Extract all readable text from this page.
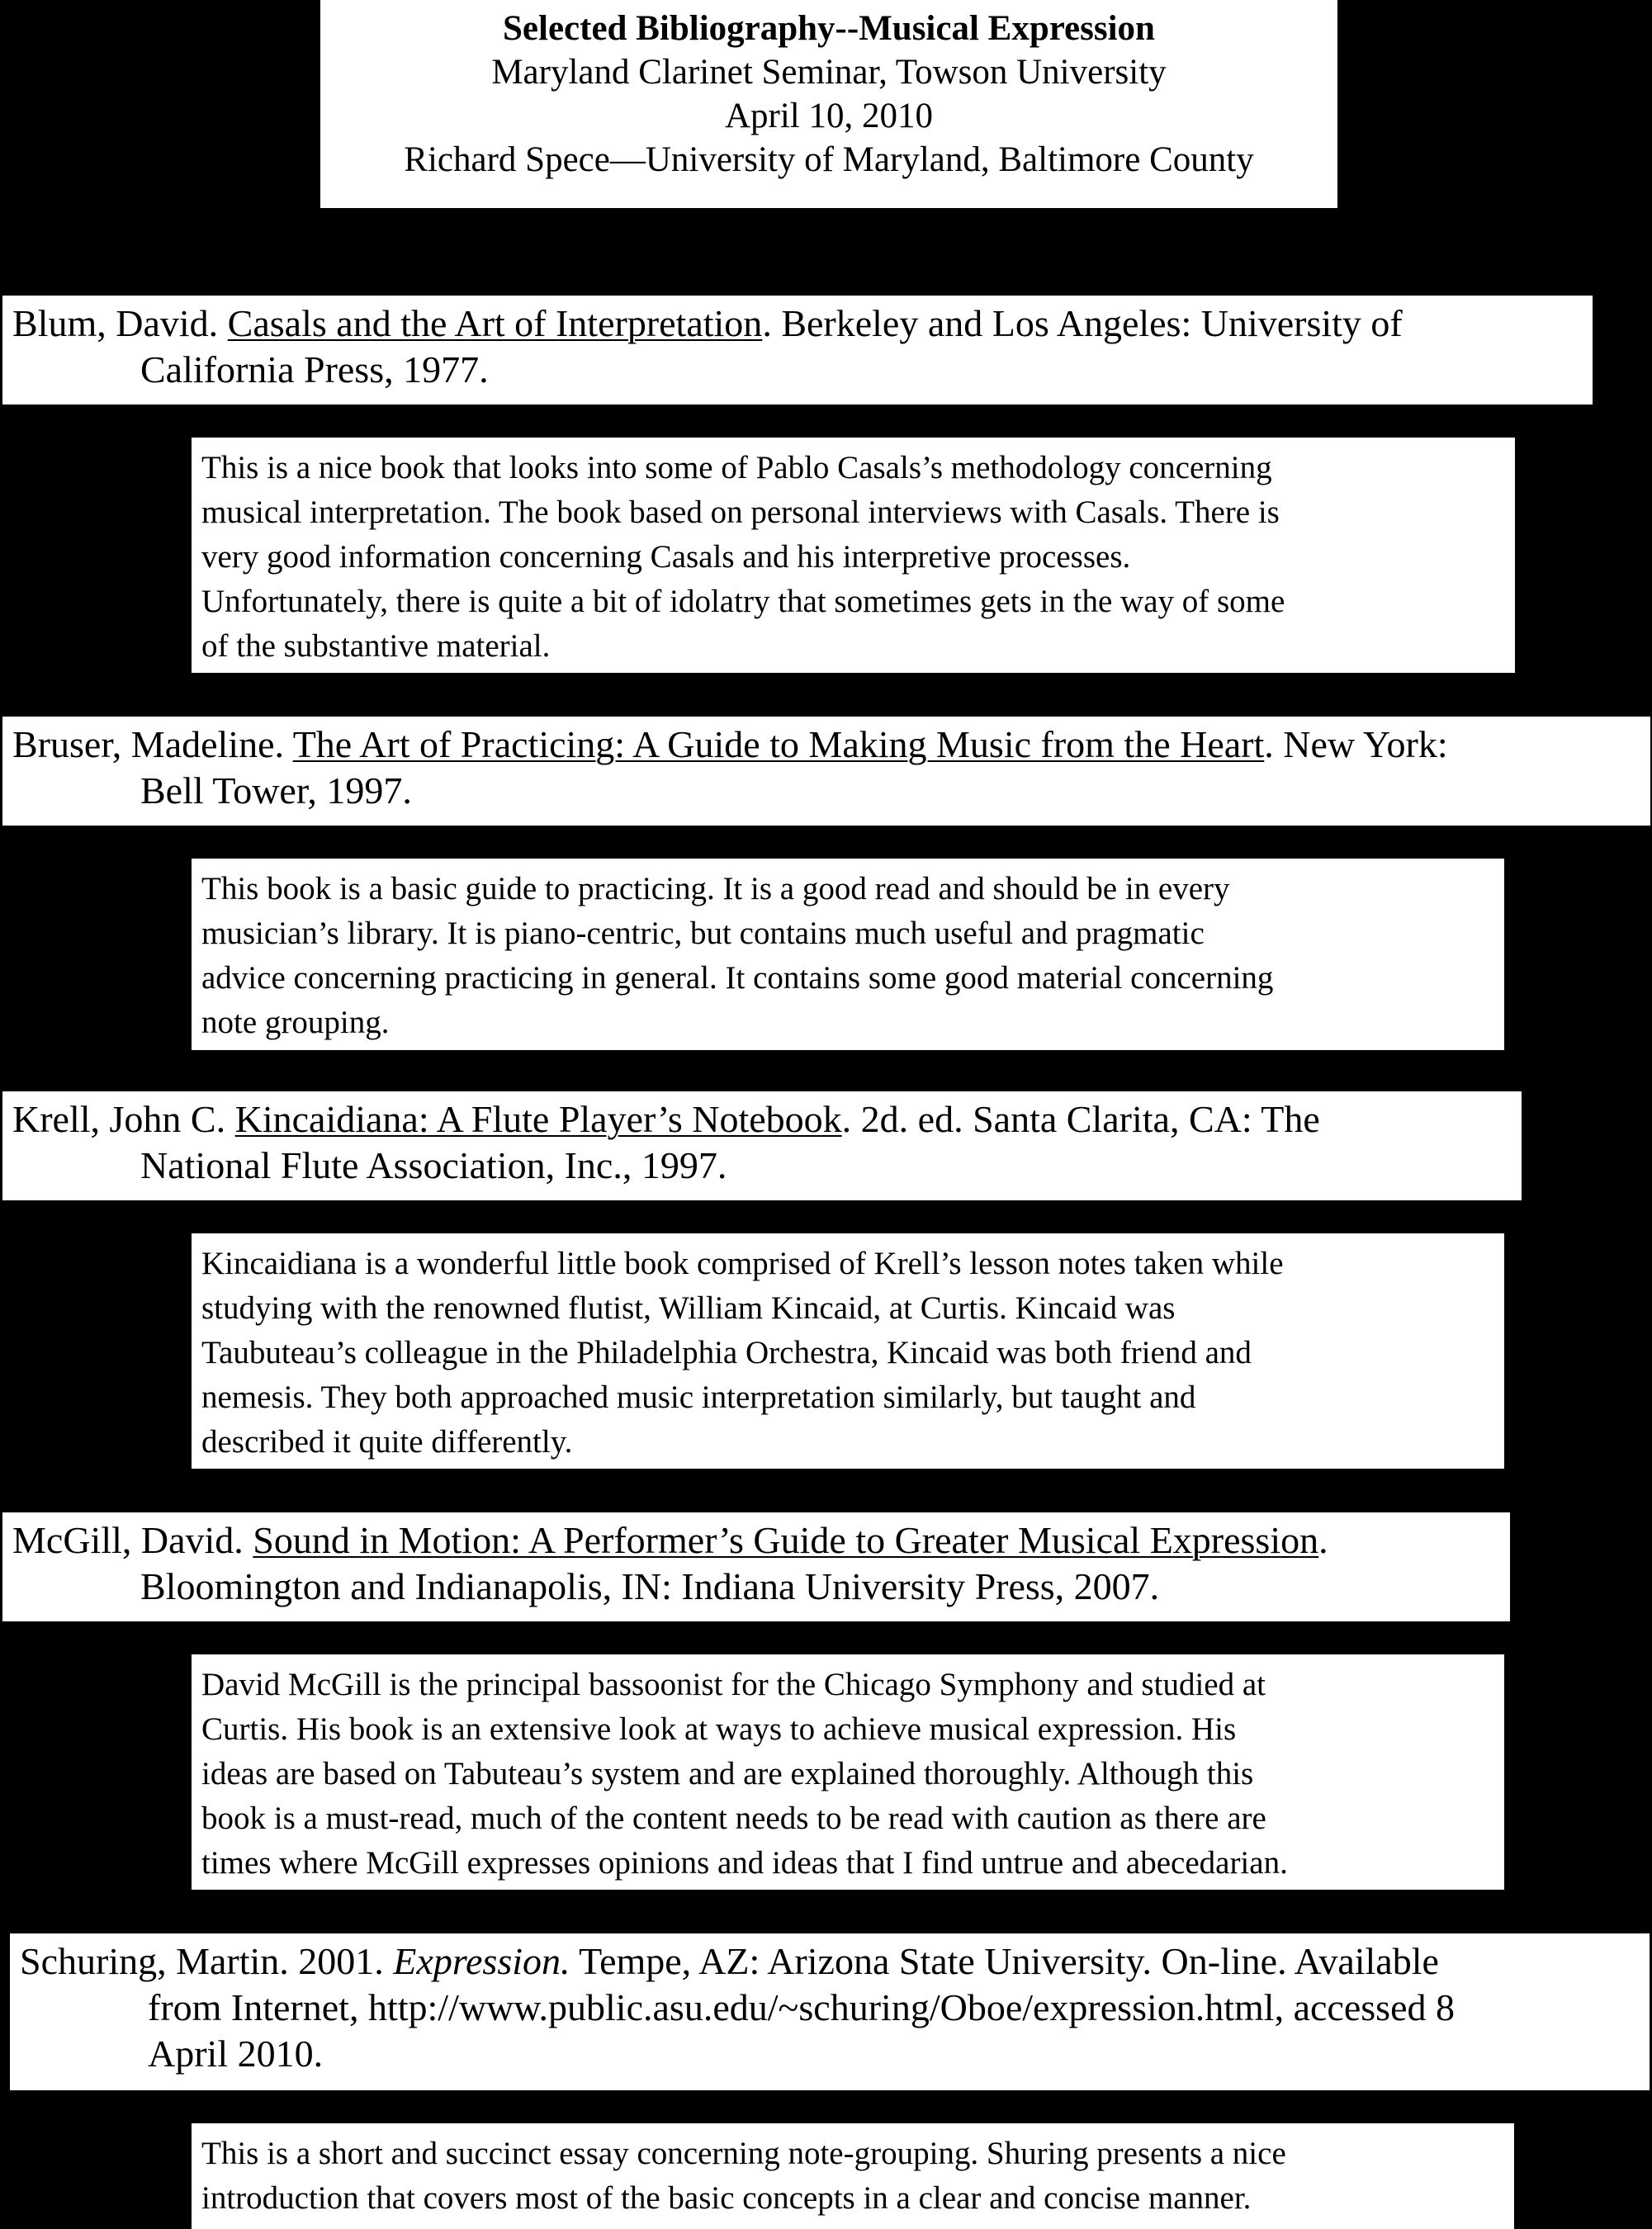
Selected Bibliography--Musical Expression
Maryland Clarinet Seminar, Towson University
April 10, 2010
Richard Spece—University of Maryland, Baltimore County
Blum, David. Casals and the Art of Interpretation. Berkeley and Los Angeles: University of
California Press, 1977.
This is a nice book that looks into some of Pablo Casals’s methodology concerning
musical interpretation. The book based on personal interviews with Casals. There is
very good information concerning Casals and his interpretive processes.
Unfortunately, there is quite a bit of idolatry that sometimes gets in the way of some
of the substantive material.
Bruser, Madeline. The Art of Practicing: A Guide to Making Music from the Heart. New York:
Bell Tower, 1997.
This book is a basic guide to practicing. It is a good read and should be in every
musician’s library. It is piano-centric, but contains much useful and pragmatic
advice concerning practicing in general. It contains some good material concerning
note grouping.
Krell, John C. Kincaidiana: A Flute Player’s Notebook. 2d. ed. Santa Clarita, CA: The
National Flute Association, Inc., 1997.
Kincaidiana is a wonderful little book comprised of Krell’s lesson notes taken while
studying with the renowned flutist, William Kincaid, at Curtis. Kincaid was
Taubuteau’s colleague in the Philadelphia Orchestra, Kincaid was both friend and
nemesis. They both approached music interpretation similarly, but taught and
described it quite differently.
McGill, David. Sound in Motion: A Performer’s Guide to Greater Musical Expression.
Bloomington and Indianapolis, IN: Indiana University Press, 2007.
David McGill is the principal bassoonist for the Chicago Symphony and studied at
Curtis. His book is an extensive look at ways to achieve musical expression. His
ideas are based on Tabuteau’s system and are explained thoroughly. Although this
book is a must-read, much of the content needs to be read with caution as there are
times where McGill expresses opinions and ideas that I find untrue and abecedarian.
Schuring, Martin. 2001. Expression. Tempe, AZ: Arizona State University. On-line. Available
from Internet, http://www.public.asu.edu/~schuring/Oboe/expression.html, accessed 8
April 2010.
This is a short and succinct essay concerning note-grouping. Shuring presents a nice
introduction that covers most of the basic concepts in a clear and concise manner.
